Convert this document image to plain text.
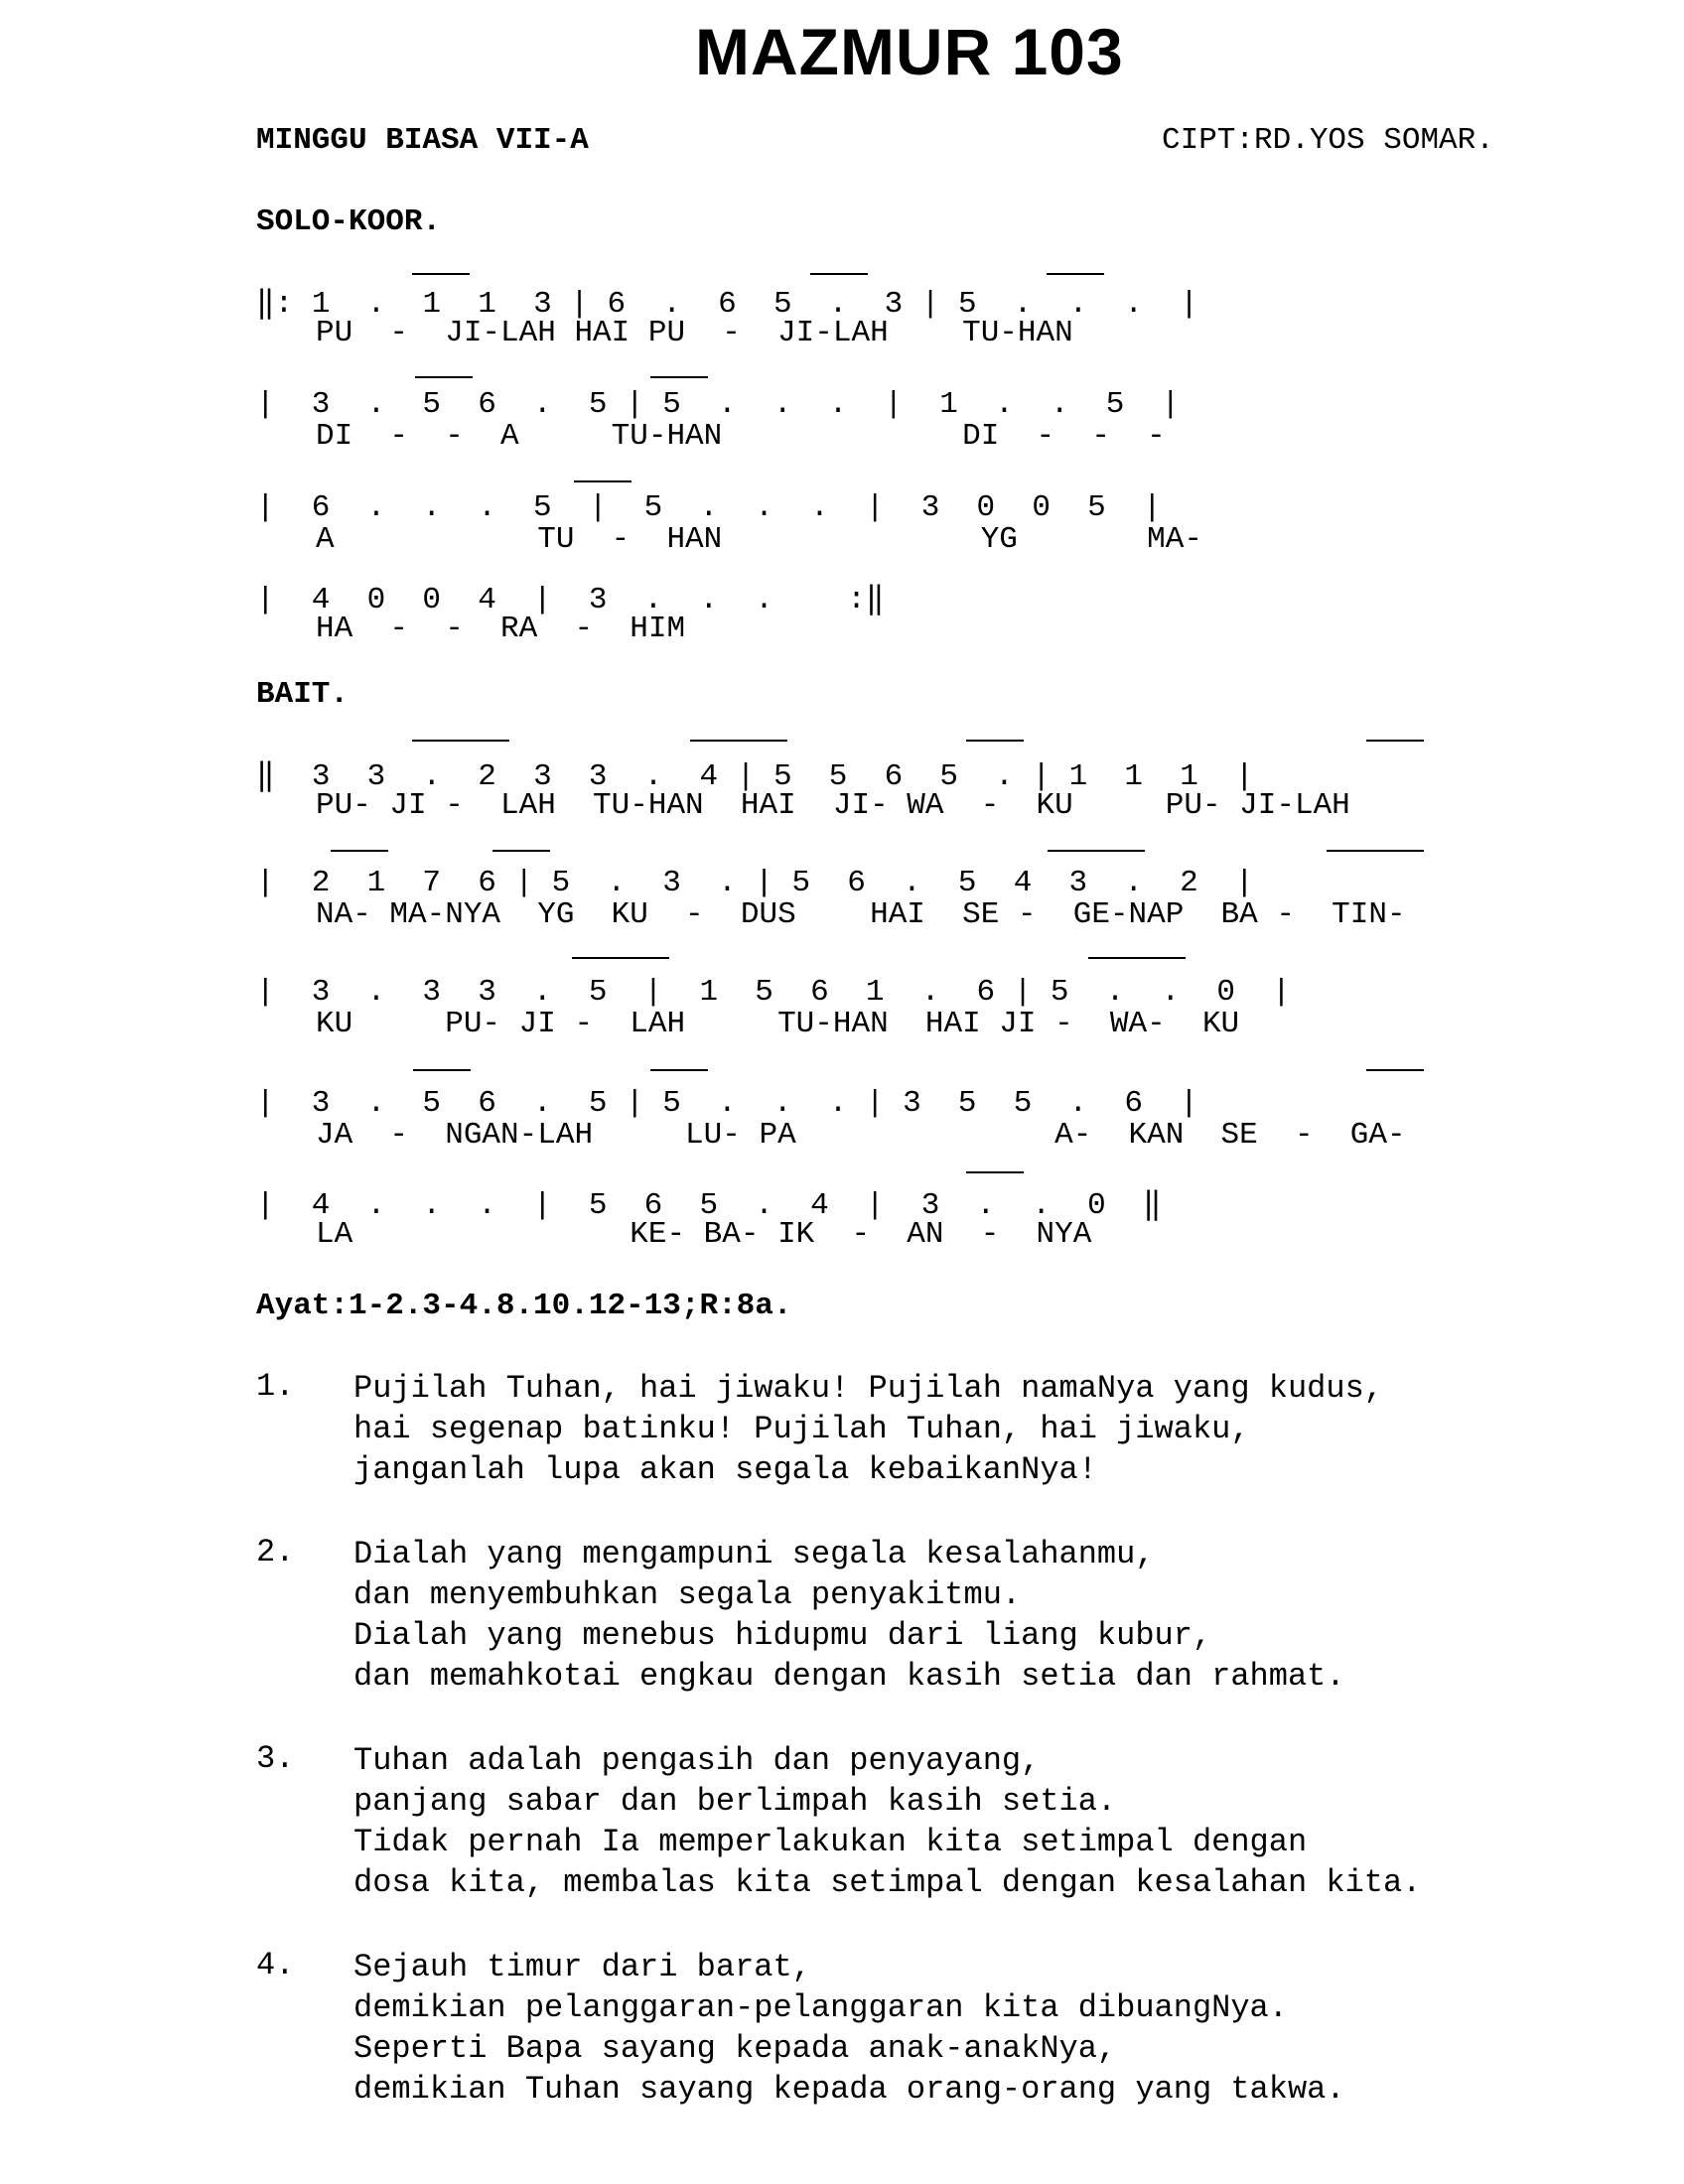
MAZMUR 103
MINGGU BIASA VII-A	CIPT:RD.YOS SOMAR.
SOLO-KOOR.
‖: 1  .  1  1  3 | 6  .  6  5  .  3 | 5  .  .  .  |
PU  -  JI-LAH HAI PU  -  JI-LAH    TU-HAN
|  3  .  5  6  .  5 | 5  .  .  .  |  1  .  .  5  |
DI  -  -  A     TU-HAN             DI  -  -  -
|  6  .  .  .  5  |  5  .  .  .  |  3  0  0  5  |
A           TU  -  HAN              YG       MA-
|  4  0  0  4  |  3  .  .  .    :‖
HA  -  -  RA  -  HIM
BAIT.
‖  3  3  .  2  3  3  .  4 | 5  5  6  5  . | 1  1  1  |
PU- JI -  LAH  TU-HAN  HAI  JI- WA  -  KU     PU- JI-LAH
|  2  1  7  6 | 5  .  3  . | 5  6  .  5  4  3  .  2  |
NA- MA-NYA  YG  KU  -  DUS    HAI  SE -  GE-NAP  BA -  TIN-
|  3  .  3  3  .  5  |  1  5  6  1  .  6 | 5  .  .  0  |
KU     PU- JI -  LAH     TU-HAN  HAI JI -  WA-  KU
|  3  .  5  6  .  5 | 5  .  .  . | 3  5  5  .  6  |
JA  -  NGAN-LAH     LU- PA              A-  KAN  SE  -  GA-
|  4  .  .  .  |  5  6  5  .  4  |  3  .  .  0  ‖
LA               KE- BA- IK  -  AN  -  NYA
Ayat:1-2.3-4.8.10.12-13;R:8a.
1. Pujilah Tuhan, hai jiwaku! Pujilah namaNya yang kudus,
hai segenap batinku! Pujilah Tuhan, hai jiwaku,
janganlah lupa akan segala kebaikanNya!
2. Dialah yang mengampuni segala kesalahanmu,
dan menyembuhkan segala penyakitmu.
Dialah yang menebus hidupmu dari liang kubur,
dan memahkotai engkau dengan kasih setia dan rahmat.
3. Tuhan adalah pengasih dan penyayang,
panjang sabar dan berlimpah kasih setia.
Tidak pernah Ia memperlakukan kita setimpal dengan
dosa kita, membalas kita setimpal dengan kesalahan kita.
4. Sejauh timur dari barat,
demikian pelanggaran-pelanggaran kita dibuangNya.
Seperti Bapa sayang kepada anak-anakNya,
demikian Tuhan sayang kepada orang-orang yang takwa.
